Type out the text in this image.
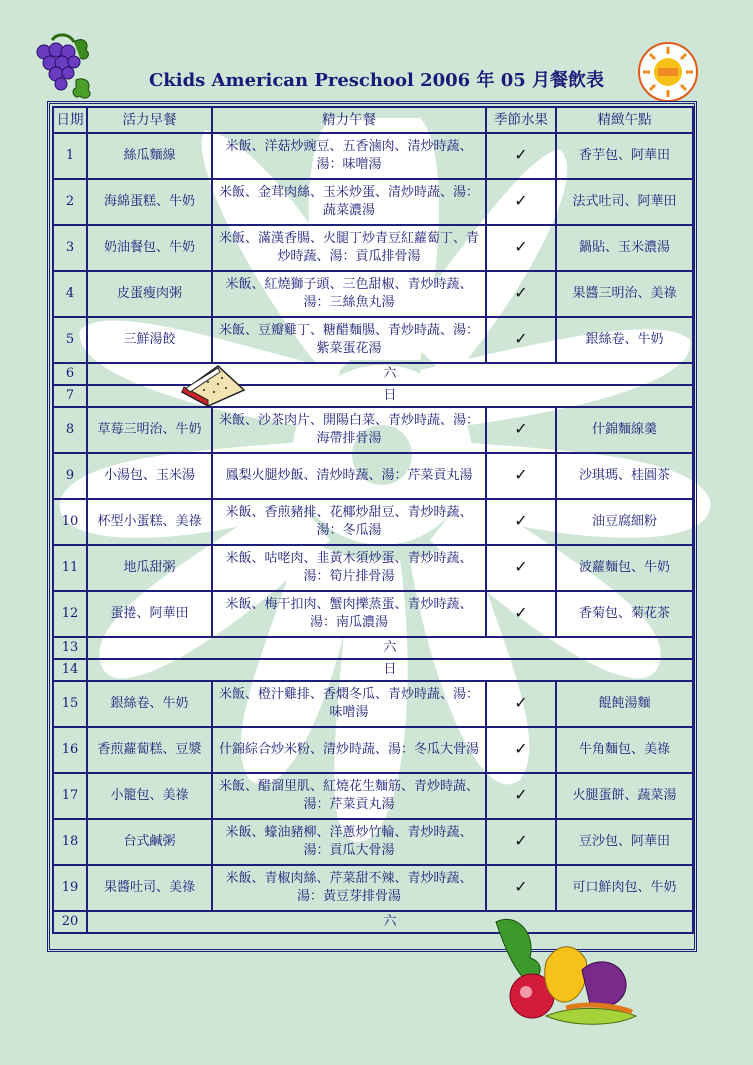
Ckids American Preschool 2006 年 05 月餐飲表
日期	活力早餐	精力午餐	季節水果	精緻午點
1	絲瓜麵線	米飯、洋菇炒豌豆、五香滷肉、清炒時蔬、湯：味噌湯	✓	香芋包、阿華田
2	海綿蛋糕、牛奶	米飯、金茸肉絲、玉米炒蛋、清炒時蔬、湯：蔬菜濃湯	✓	法式吐司、阿華田
3	奶油餐包、牛奶	米飯、滿漢香腸、火腿丁炒青豆紅蘿蔔丁、青炒時蔬、湯：貢瓜排骨湯	✓	鍋貼、玉米濃湯
4	皮蛋瘦肉粥	米飯、紅燒獅子頭、三色甜椒、青炒時蔬、湯：三絲魚丸湯	✓	果醬三明治、美祿
5	三鮮湯餃	米飯、豆瓣雞丁、糖醋麵腸、青炒時蔬、湯：紫菜蛋花湯	✓	銀絲卷、牛奶
6	六			
7	日			
8	草莓三明治、牛奶	米飯、沙茶肉片、開陽白菜、青炒時蔬、湯：海帶排骨湯	✓	什錦麵線羹
9	小湯包、玉米湯	鳳梨火腿炒飯、清炒時蔬、湯：芹菜貢丸湯	✓	沙琪瑪、桂圓茶
10	杯型小蛋糕、美祿	米飯、香煎豬排、花椰炒甜豆、青炒時蔬、湯：冬瓜湯	✓	油豆腐細粉
11	地瓜甜粥	米飯、咕咾肉、韭黃木須炒蛋、青炒時蔬、湯：筍片排骨湯	✓	波蘿麵包、牛奶
12	蛋捲、阿華田	米飯、梅干扣肉、蟹肉擽蒸蛋、青炒時蔬、湯：南瓜濃湯	✓	香菊包、菊花茶
13	六			
14	日			
15	銀絲卷、牛奶	米飯、橙汁雞排、香燜冬瓜、青炒時蔬、湯：味噌湯	✓	餛飩湯麵
16	香煎蘿蔔糕、豆漿	什錦綜合炒米粉、清炒時蔬、湯：冬瓜大骨湯	✓	牛角麵包、美祿
17	小籠包、美祿	米飯、醋溜里肌、紅燒花生麵筋、青炒時蔬、湯：芹菜貢丸湯	✓	火腿蛋餅、蔬菜湯
18	台式鹹粥	米飯、蠔油豬柳、洋蔥炒竹輪、青炒時蔬、湯：貢瓜大骨湯	✓	豆沙包、阿華田
19	果醬吐司、美祿	米飯、青椒肉絲、芹菜甜不辣、青炒時蔬、湯：黃豆芽排骨湯	✓	可口鮮肉包、牛奶
20	六			
